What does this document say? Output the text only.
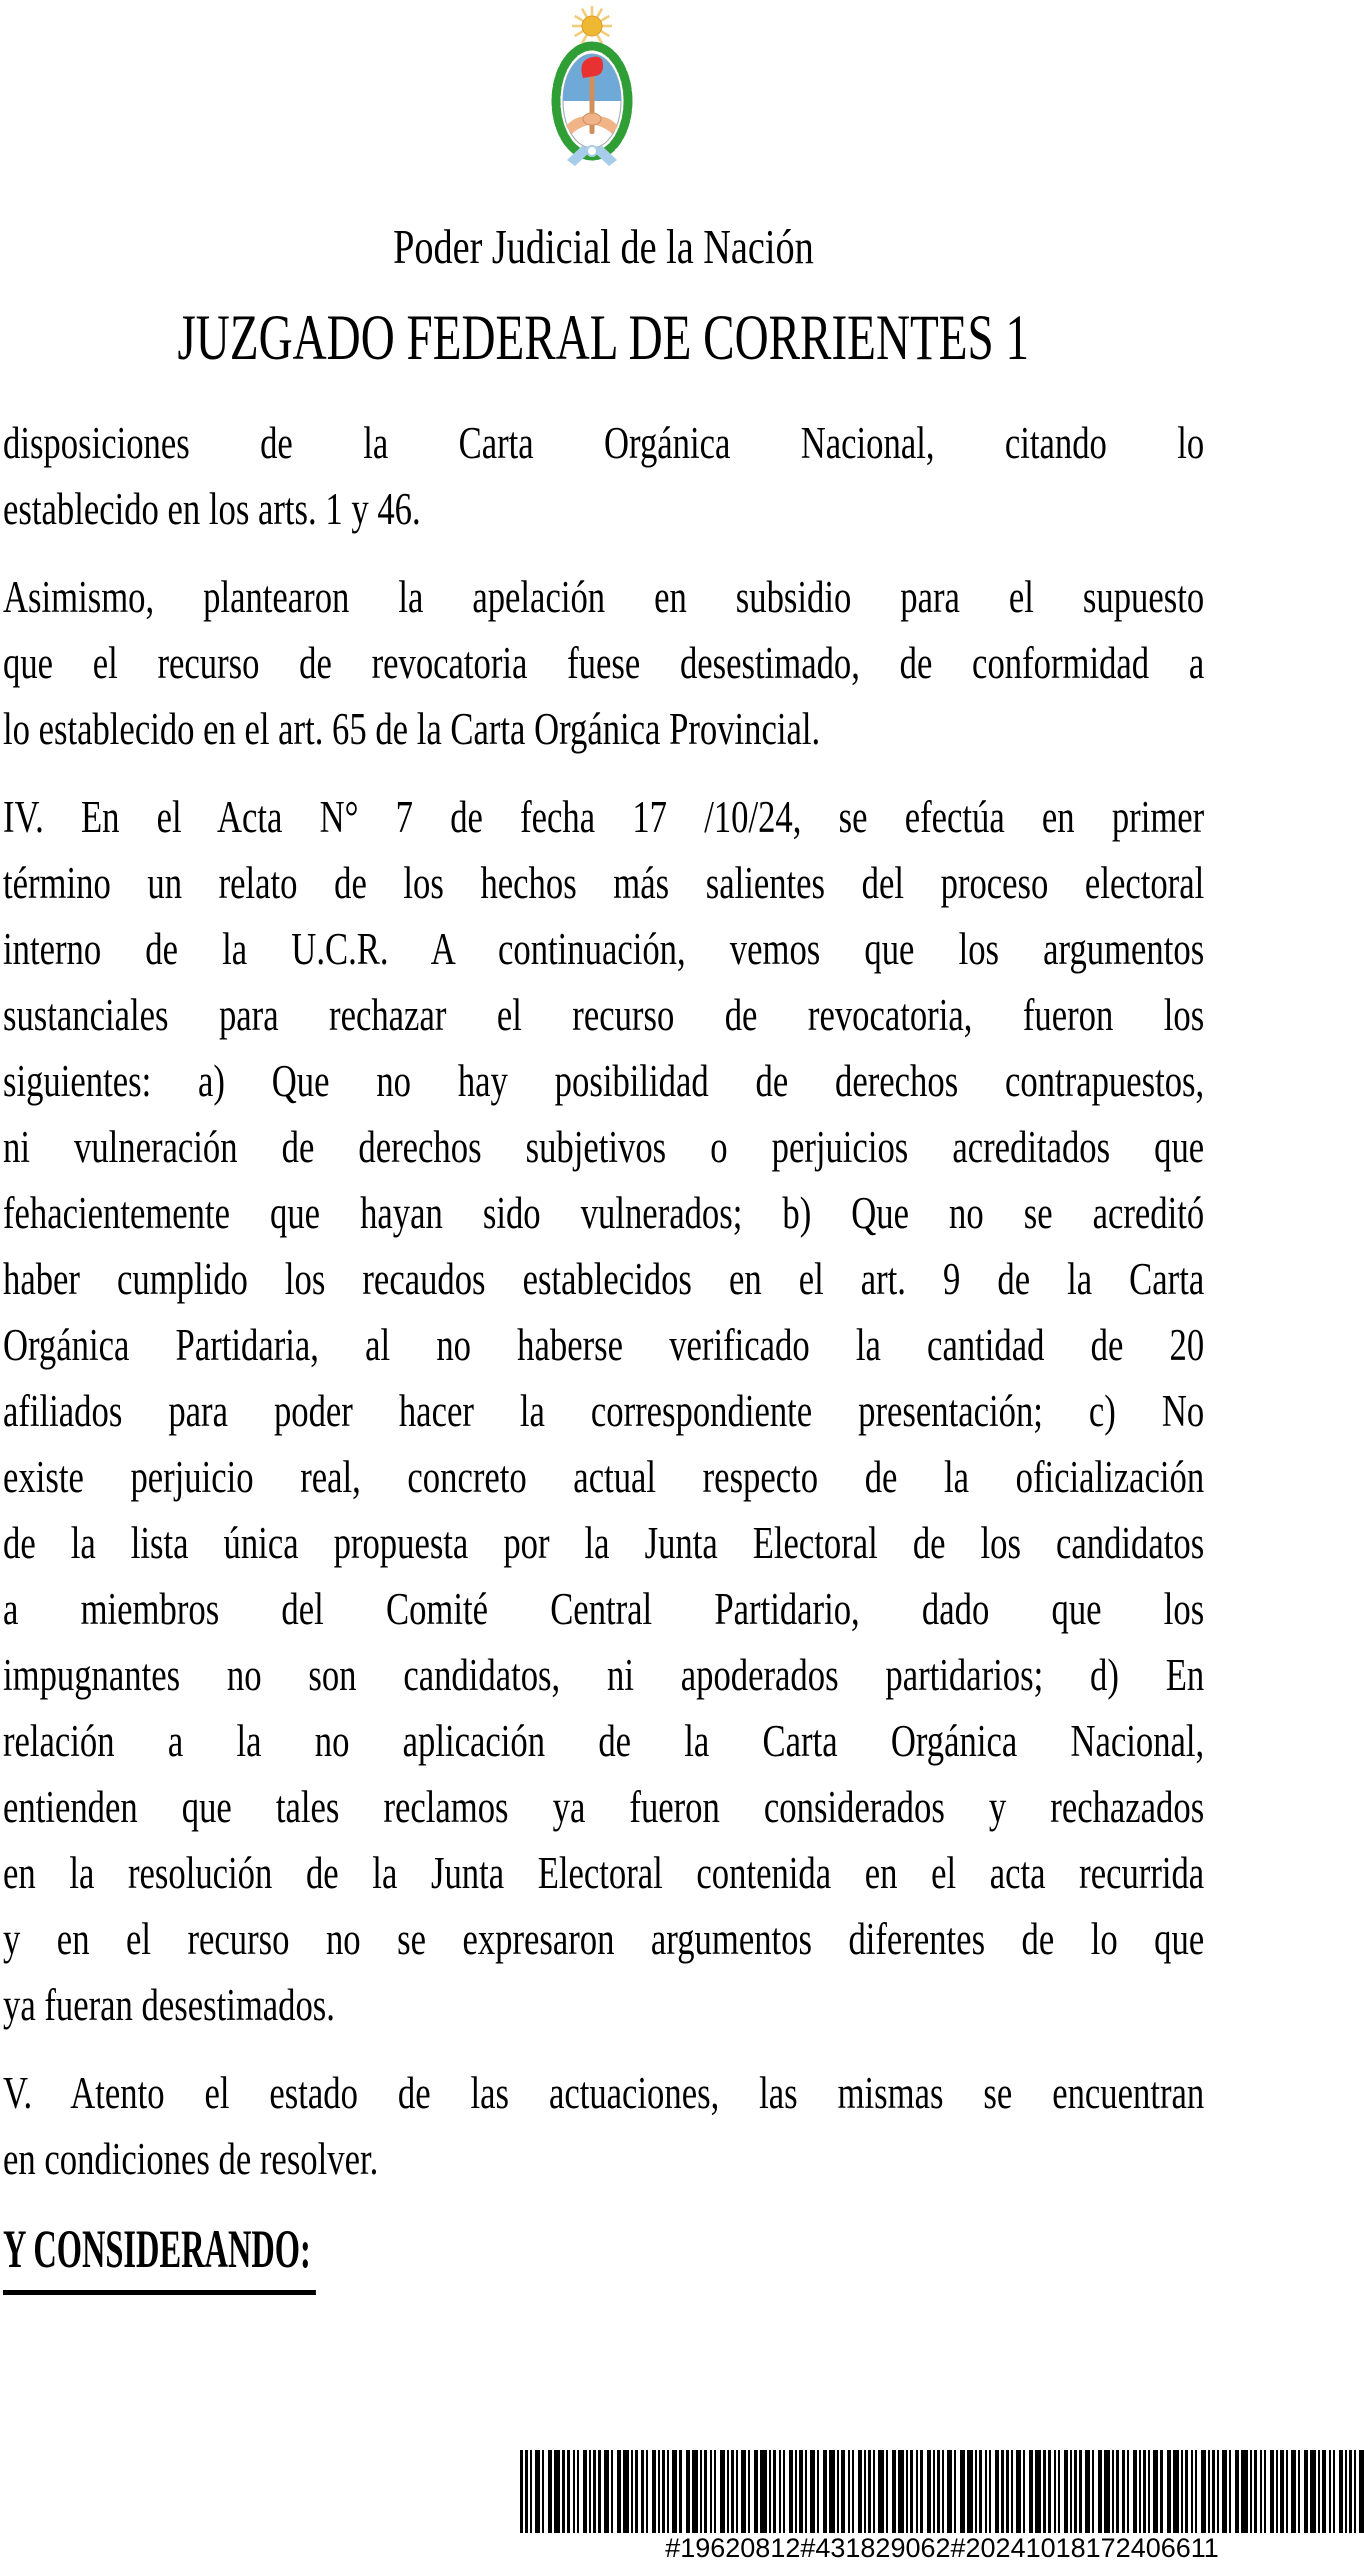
Poder Judicial de la Nación
JUZGADO FEDERAL DE CORRIENTES 1
disposiciones de la Carta Orgánica Nacional, citando lo
establecido en los arts. 1 y 46.
Asimismo, plantearon la apelación en subsidio para el supuesto
que el recurso de revocatoria fuese desestimado, de conformidad a
lo establecido en el art. 65 de la Carta Orgánica Provincial.
IV. En el Acta N° 7 de fecha 17 /10/24, se efectúa en primer
término un relato de los hechos más salientes del proceso electoral
interno de la U.C.R. A continuación, vemos que los argumentos
sustanciales para rechazar el recurso de revocatoria, fueron los
siguientes: a) Que no hay posibilidad de derechos contrapuestos,
ni vulneración de derechos subjetivos o perjuicios acreditados que
fehacientemente que hayan sido vulnerados; b) Que no se acreditó
haber cumplido los recaudos establecidos en el art. 9 de la Carta
Orgánica Partidaria, al no haberse verificado la cantidad de 20
afiliados para poder hacer la correspondiente presentación; c) No
existe perjuicio real, concreto actual respecto de la oficialización
de la lista única propuesta por la Junta Electoral de los candidatos
a miembros del Comité Central Partidario, dado que los
impugnantes no son candidatos, ni apoderados partidarios; d) En
relación a la no aplicación de la Carta Orgánica Nacional,
entienden que tales reclamos ya fueron considerados y rechazados
en la resolución de la Junta Electoral contenida en el acta recurrida
y en el recurso no se expresaron argumentos diferentes de lo que
ya fueran desestimados.
V. Atento el estado de las actuaciones, las mismas se encuentran
en condiciones de resolver.
Y CONSIDERANDO:
#19620812#431829062#20241018172406611
